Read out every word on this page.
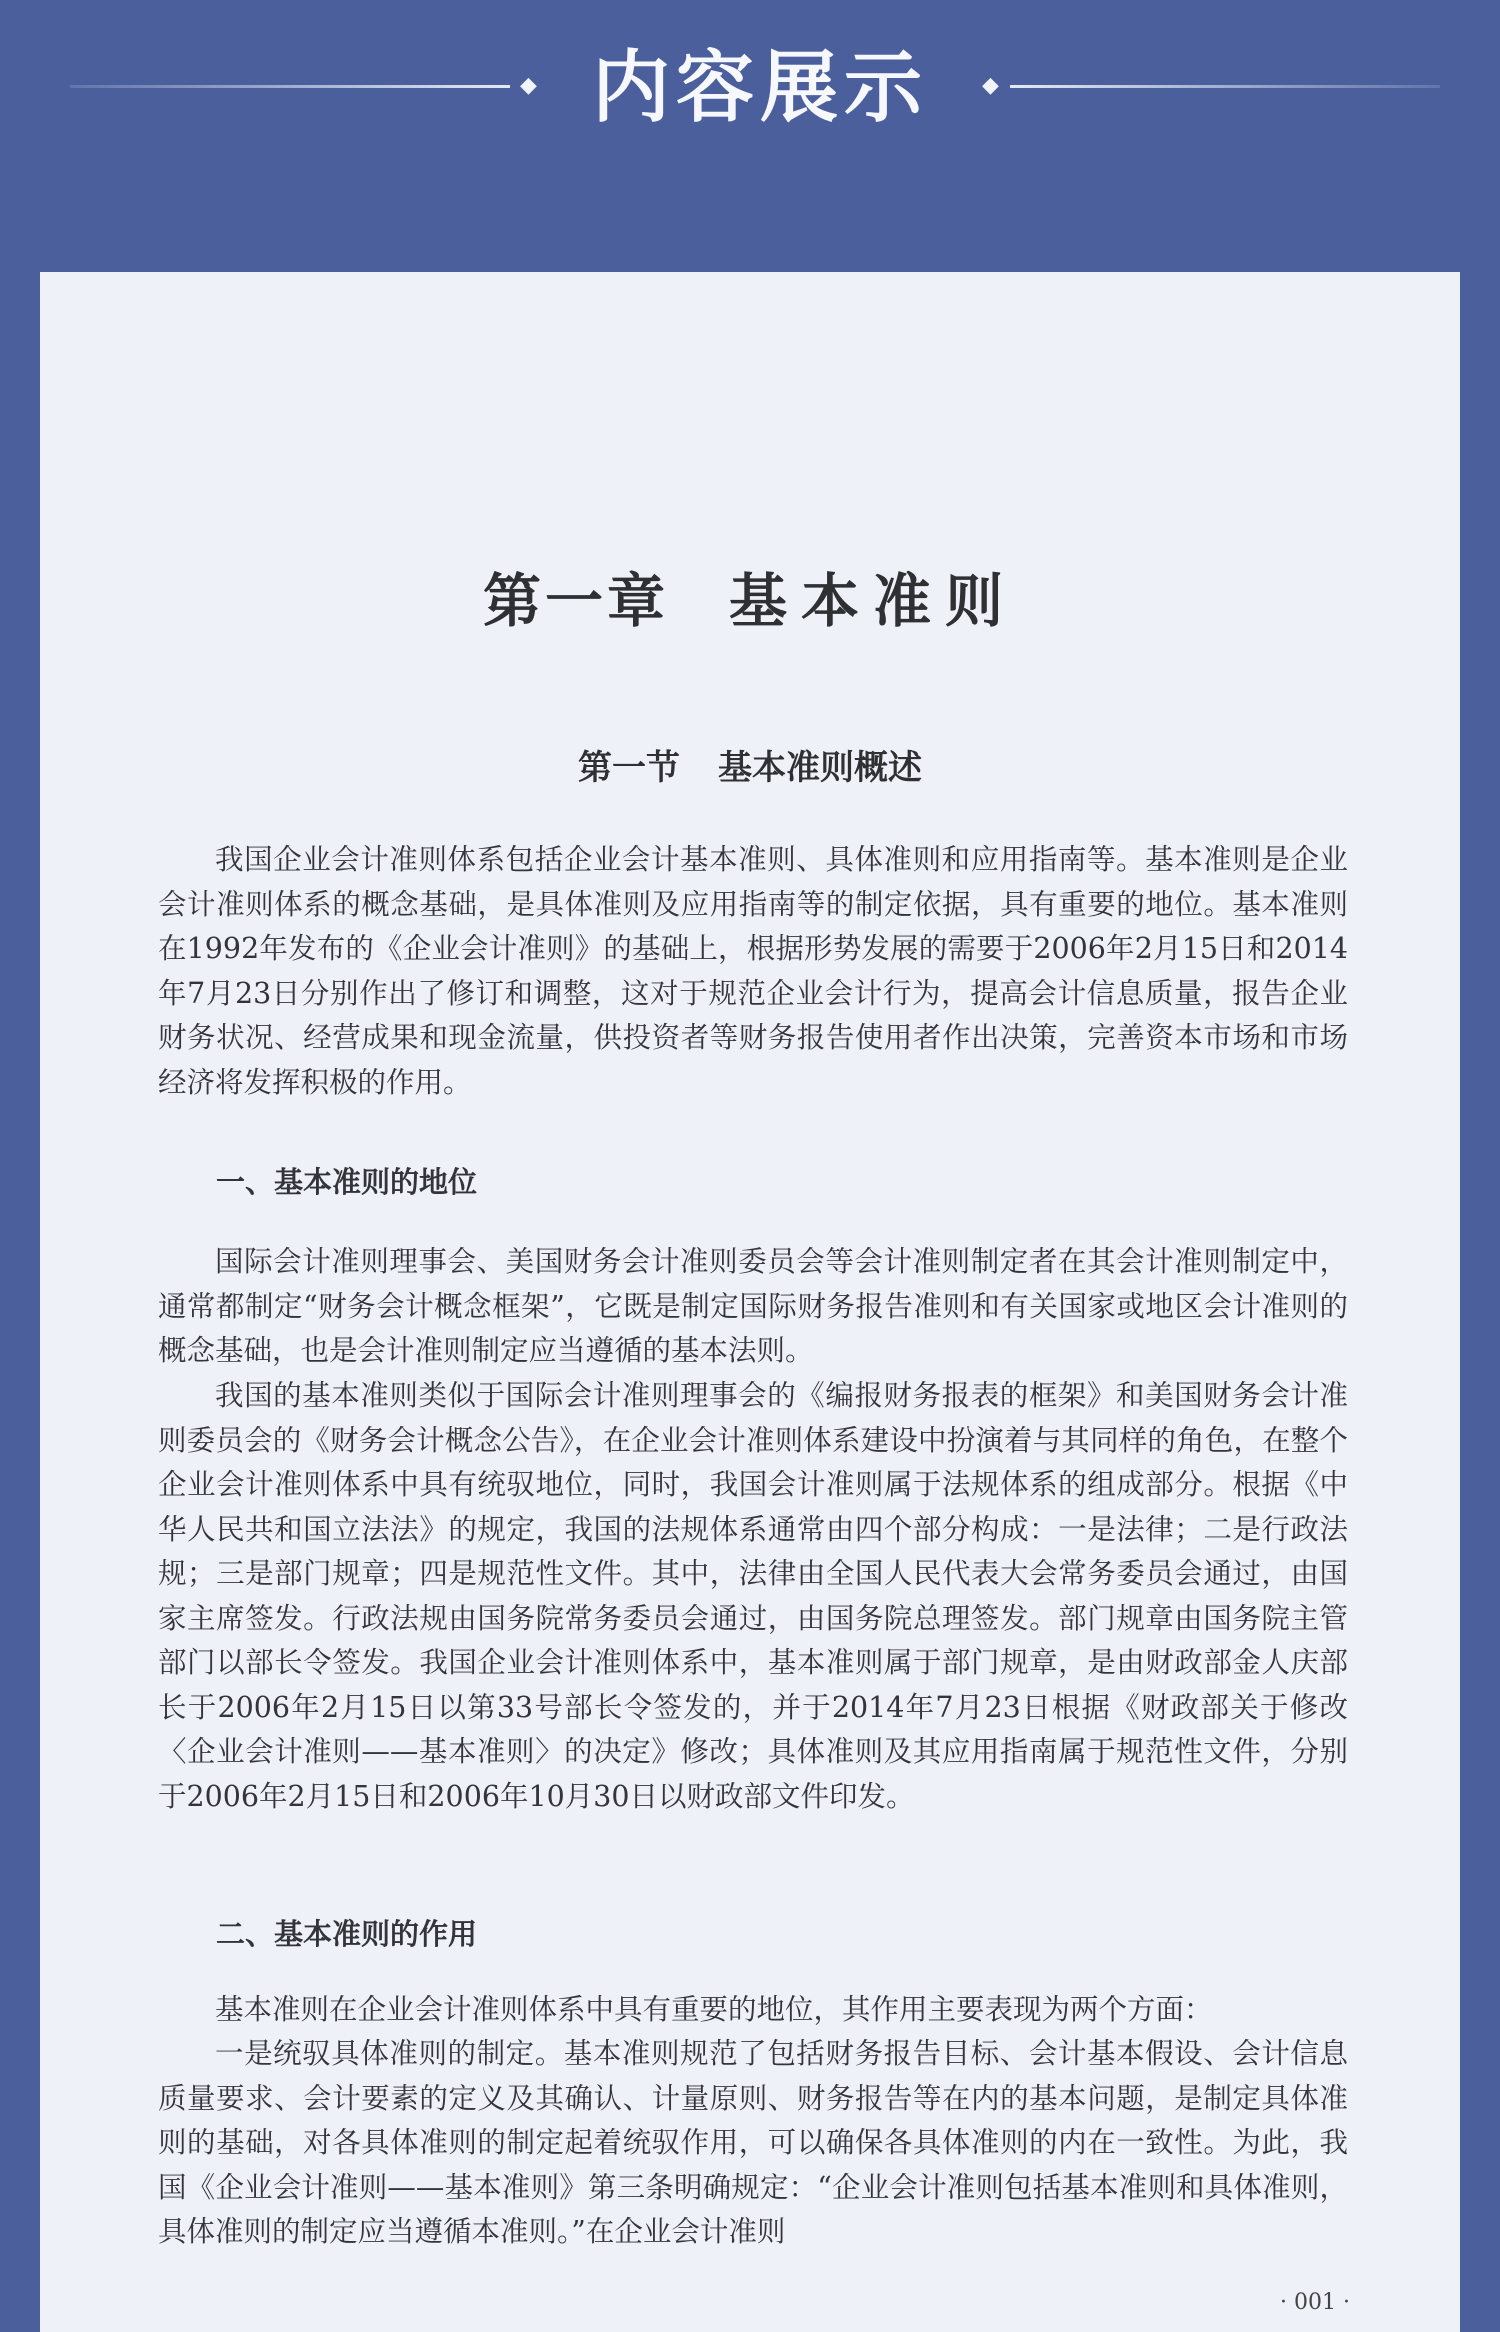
◆ 内容展示	◆
第一章 基本准则
第一节 基本准则概述

我国企业会计准则体系包括企业会计基本准则、具体准则和应用指南等。基本准则是企业会计准则体系的概念基础，是具体准则及应用指南等的制定依据，具有重要的地位。基本准则在1992年发布的《企业会计准则》的基础上，根据形势发展的需要于2006年2月15日和2014年7月23日分别作出了修订和调整，这对于规范企业会计行为，提高会计信息质量，报告企业财务状况、经营成果和现金流量，供投资者等财务报告使用者作出决策，完善资本市场和市场经济将发挥积极的作用。

一、基本准则的地位

国际会计准则理事会、美国财务会计准则委员会等会计准则制定者在其会计准则制定中，通常都制定“财务会计概念框架”，它既是制定国际财务报告准则和有关国家或地区会计准则的概念基础，也是会计准则制定应当遵循的基本法则。

我国的基本准则类似于国际会计准则理事会的《编报财务报表的框架》和美国财务会计准则委员会的《财务会计概念公告》，在企业会计准则体系建设中扮演着与其同样的角色，在整个企业会计准则体系中具有统驭地位，同时，我国会计准则属于法规体系的组成部分。根据《中华人民共和国立法法》的规定，我国的法规体系通常由四个部分构成：一是法律；二是行政法规；三是部门规章；四是规范性文件。其中，法律由全国人民代表大会常务委员会通过，由国家主席签发。行政法规由国务院常务委员会通过，由国务院总理签发。部门规章由国务院主管部门以部长令签发。我国企业会计准则体系中，基本准则属于部门规章，是由财政部金人庆部长于2006年2月15日以第33号部长令签发的，并于2014年7月23日根据《财政部关于修改〈企业会计准则——基本准则〉的决定》修改；具体准则及其应用指南属于规范性文件，分别于2006年2月15日和2006年10月30日以财政部文件印发。

二、基本准则的作用

基本准则在企业会计准则体系中具有重要的地位，其作用主要表现为两个方面：

一是统驭具体准则的制定。基本准则规范了包括财务报告目标、会计基本假设、会计信息质量要求、会计要素的定义及其确认、计量原则、财务报告等在内的基本问题，是制定具体准则的基础，对各具体准则的制定起着统驭作用，可以确保各具体准则的内在一致性。为此，我国《企业会计准则——基本准则》第三条明确规定：“企业会计准则包括基本准则和具体准则，具体准则的制定应当遵循本准则。”在企业会计准则

· 001 ·
